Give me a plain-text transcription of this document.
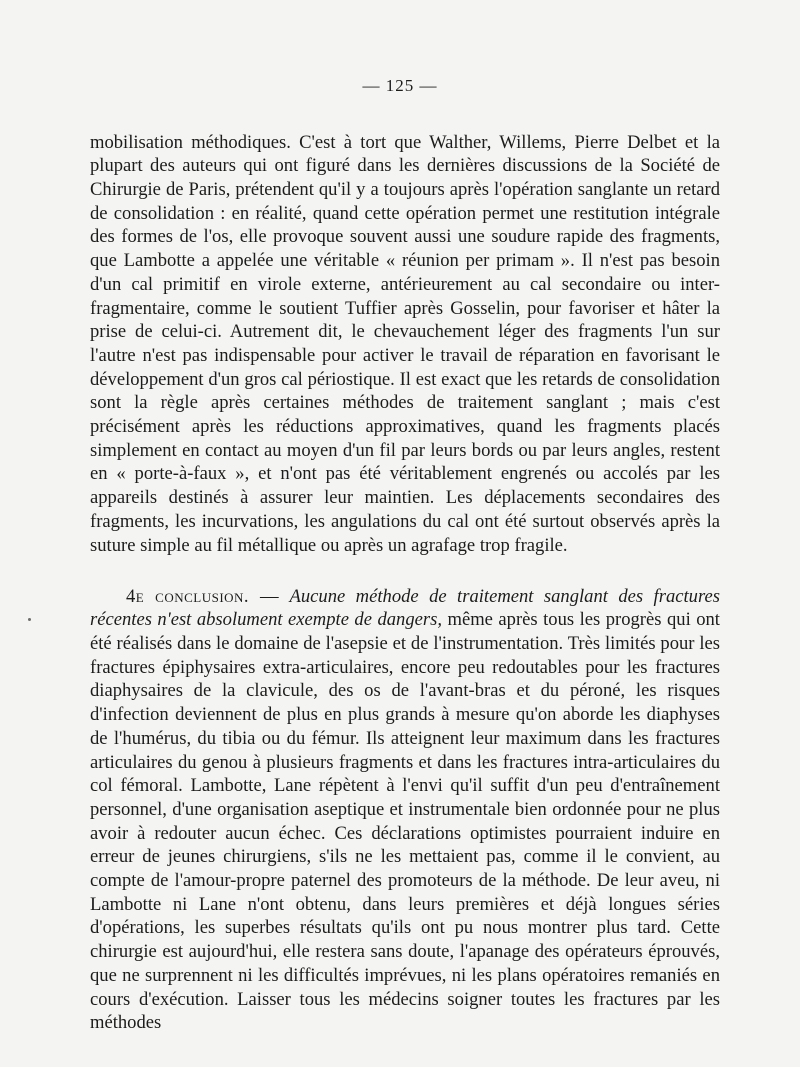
— 125 —

mobilisation méthodiques. C'est à tort que Walther, Willems, Pierre Delbet et la plupart des auteurs qui ont figuré dans les dernières discussions de la Société de Chirurgie de Paris, prétendent qu'il y a toujours après l'opération sanglante un retard de consolidation : en réalité, quand cette opération permet une restitution intégrale des formes de l'os, elle provoque souvent aussi une soudure rapide des fragments, que Lambotte a appelée une véritable « réunion per primam ». Il n'est pas besoin d'un cal primitif en virole externe, antérieurement au cal secondaire ou inter-fragmentaire, comme le soutient Tuffier après Gosselin, pour favoriser et hâter la prise de celui-ci. Autrement dit, le chevauchement léger des fragments l'un sur l'autre n'est pas indispensable pour activer le travail de réparation en favorisant le développement d'un gros cal périostique. Il est exact que les retards de consolidation sont la règle après certaines méthodes de traitement sanglant ; mais c'est précisément après les réductions approximatives, quand les fragments placés simplement en contact au moyen d'un fil par leurs bords ou par leurs angles, restent en « porte-à-faux », et n'ont pas été véritablement engrenés ou accolés par les appareils destinés à assurer leur maintien. Les déplacements secondaires des fragments, les incurvations, les angulations du cal ont été surtout observés après la suture simple au fil métallique ou après un agrafage trop fragile.

4e conclusion. — Aucune méthode de traitement sanglant des fractures récentes n'est absolument exempte de dangers, même après tous les progrès qui ont été réalisés dans le domaine de l'asepsie et de l'instrumentation. Très limités pour les fractures épiphysaires extra-articulaires, encore peu redoutables pour les fractures diaphysaires de la clavicule, des os de l'avant-bras et du péroné, les risques d'infection deviennent de plus en plus grands à mesure qu'on aborde les diaphyses de l'humérus, du tibia ou du fémur. Ils atteignent leur maximum dans les fractures articulaires du genou à plusieurs fragments et dans les fractures intra-articulaires du col fémoral. Lambotte, Lane répètent à l'envi qu'il suffit d'un peu d'entraînement personnel, d'une organisation aseptique et instrumentale bien ordonnée pour ne plus avoir à redouter aucun échec. Ces déclarations optimistes pourraient induire en erreur de jeunes chirurgiens, s'ils ne les mettaient pas, comme il le convient, au compte de l'amour-propre paternel des promoteurs de la méthode. De leur aveu, ni Lambotte ni Lane n'ont obtenu, dans leurs premières et déjà longues séries d'opérations, les superbes résultats qu'ils ont pu nous montrer plus tard. Cette chirurgie est aujourd'hui, elle restera sans doute, l'apanage des opérateurs éprouvés, que ne surprennent ni les difficultés imprévues, ni les plans opératoires remaniés en cours d'exécution. Laisser tous les médecins soigner toutes les fractures par les méthodes
